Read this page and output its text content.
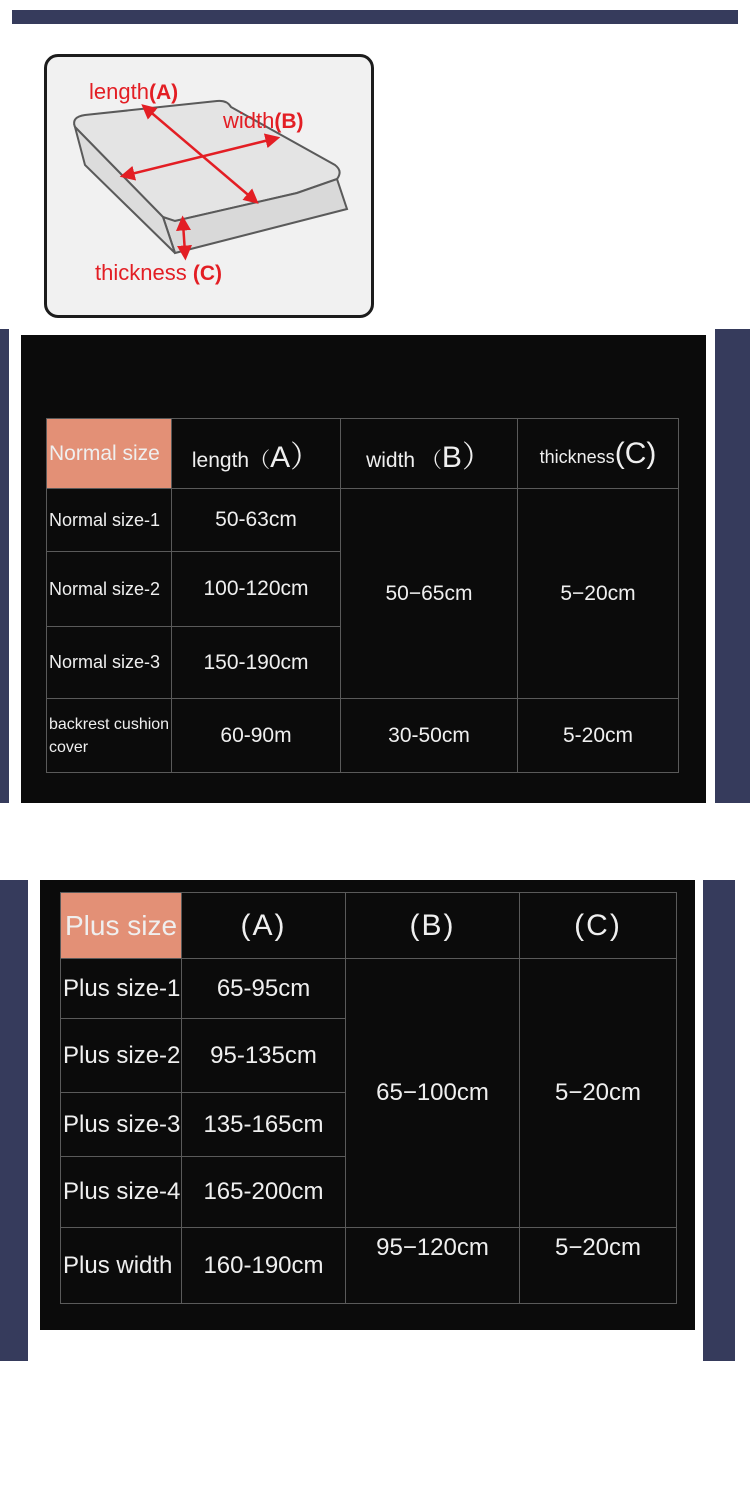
length(A)
width(B)
thickness (C)
Normal size	length（A）	width （B）	thickness(C)
Normal size-1	50-63cm	50−65cm	5−20cm
Normal size-2	100-120cm		
Normal size-3	150-190cm		
backrest cushion cover	60-90m	30-50cm	5-20cm
Plus size	(A)	(B)	(C)
Plus size-1	65-95cm	65−100cm	5−20cm
Plus size-2	95-135cm		
Plus size-3	135-165cm		
Plus size-4	165-200cm		
Plus width	160-190cm	95−120cm	5−20cm
